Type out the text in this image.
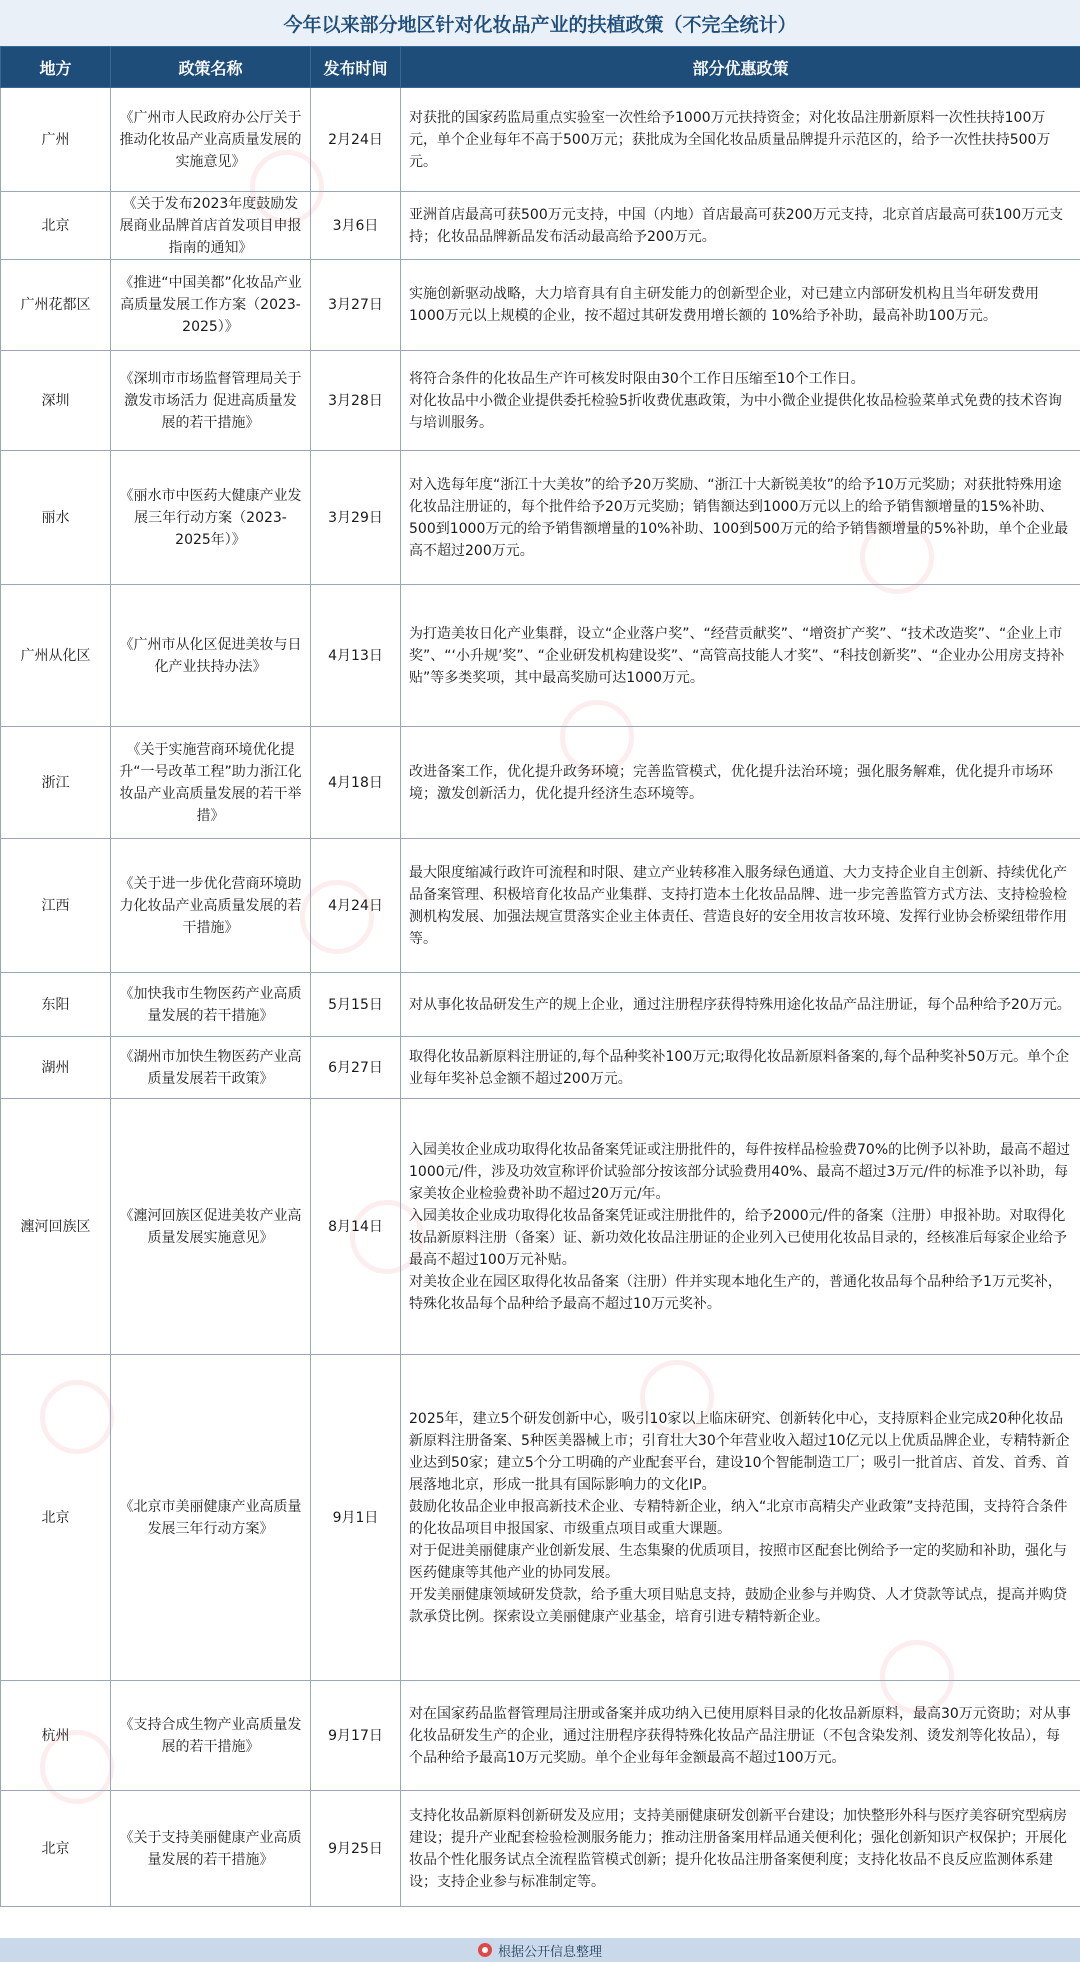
今年以来部分地区针对化妆品产业的扶植政策（不完全统计）
地方	政策名称	发布时间	部分优惠政策
广州	《广州市人民政府办公厅关于推动化妆品产业高质量发展的实施意见》	2月24日	对获批的国家药监局重点实验室一次性给予1000万元扶持资金；对化妆品注册新原料一次性扶持100万元，单个企业每年不高于500万元；获批成为全国化妆品质量品牌提升示范区的，给予一次性扶持500万元。

北京	《关于发布2023年度鼓励发展商业品牌首店首发项目申报指南的通知》	3月6日	亚洲首店最高可获500万元支持，中国（内地）首店最高可获200万元支持，北京首店最高可获100万元支持；化妆品品牌新品发布活动最高给予200万元。

广州花都区	《推进“中国美都”化妆品产业高质量发展工作方案（2023-2025）》	3月27日	实施创新驱动战略，大力培育具有自主研发能力的创新型企业，对已建立内部研发机构且当年研发费用1000万元以上规模的企业，按不超过其研发费用增长额的 10%给予补助，最高补助100万元。

深圳	《深圳市市场监督管理局关于激发市场活力 促进高质量发展的若干措施》	3月28日	将符合条件的化妆品生产许可核发时限由30个工作日压缩至10个工作日。
对化妆品中小微企业提供委托检验5折收费优惠政策，为中小微企业提供化妆品检验菜单式免费的技术咨询与培训服务。

丽水	《丽水市中医药大健康产业发展三年行动方案（2023-2025年）》	3月29日	对入选每年度“浙江十大美妆”的给予20万奖励、“浙江十大新锐美妆”的给予10万元奖励；对获批特殊用途化妆品注册证的，每个批件给予20万元奖励；销售额达到1000万元以上的给予销售额增量的15%补助、500到1000万元的给予销售额增量的10%补助、100到500万元的给予销售额增量的5%补助，单个企业最高不超过200万元。

广州从化区	《广州市从化区促进美妆与日化产业扶持办法》	4月13日	为打造美妆日化产业集群，设立“企业落户奖”、“经营贡献奖”、“增资扩产奖”、“技术改造奖”、“企业上市奖”、“‘小升规’奖”、“企业研发机构建设奖”、“高管高技能人才奖”、“科技创新奖”、“企业办公用房支持补贴”等多类奖项，其中最高奖励可达1000万元。

浙江	《关于实施营商环境优化提升“一号改革工程”助力浙江化妆品产业高质量发展的若干举措》	4月18日	改进备案工作，优化提升政务环境；完善监管模式，优化提升法治环境；强化服务解难，优化提升市场环境；激发创新活力，优化提升经济生态环境等。

江西	《关于进一步优化营商环境助力化妆品产业高质量发展的若干措施》	4月24日	最大限度缩减行政许可流程和时限、建立产业转移准入服务绿色通道、大力支持企业自主创新、持续优化产品备案管理、积极培育化妆品产业集群、支持打造本土化妆品品牌、进一步完善监管方式方法、支持检验检测机构发展、加强法规宣贯落实企业主体责任、营造良好的安全用妆言妆环境、发挥行业协会桥梁纽带作用等。

东阳	《加快我市生物医药产业高质量发展的若干措施》	5月15日	对从事化妆品研发生产的规上企业，通过注册程序获得特殊用途化妆品产品注册证，每个品种给予20万元。

湖州	《湖州市加快生物医药产业高质量发展若干政策》	6月27日	取得化妆品新原料注册证的,每个品种奖补100万元;取得化妆品新原料备案的,每个品种奖补50万元。单个企业每年奖补总金额不超过200万元。

瀍河回族区	《瀍河回族区促进美妆产业高质量发展实施意见》	8月14日	入园美妆企业成功取得化妆品备案凭证或注册批件的，每件按样品检验费70%的比例予以补助，最高不超过1000元/件，涉及功效宣称评价试验部分按该部分试验费用40%、最高不超过3万元/件的标准予以补助，每家美妆企业检验费补助不超过20万元/年。
入园美妆企业成功取得化妆品备案凭证或注册批件的，给予2000元/件的备案（注册）申报补助。对取得化妆品新原料注册（备案）证、新功效化妆品注册证的企业列入已使用化妆品目录的，经核准后每家企业给予最高不超过100万元补贴。
对美妆企业在园区取得化妆品备案（注册）件并实现本地化生产的，普通化妆品每个品种给予1万元奖补，特殊化妆品每个品种给予最高不超过10万元奖补。

北京	《北京市美丽健康产业高质量发展三年行动方案》	9月1日	2025年，建立5个研发创新中心，吸引10家以上临床研究、创新转化中心，支持原料企业完成20种化妆品新原料注册备案、5种医美器械上市；引育壮大30个年营业收入超过10亿元以上优质品牌企业，专精特新企业达到50家；建立5个分工明确的产业配套平台，建设10个智能制造工厂；吸引一批首店、首发、首秀、首展落地北京，形成一批具有国际影响力的文化IP。
鼓励化妆品企业申报高新技术企业、专精特新企业，纳入“北京市高精尖产业政策”支持范围，支持符合条件的化妆品项目申报国家、市级重点项目或重大课题。
对于促进美丽健康产业创新发展、生态集聚的优质项目，按照市区配套比例给予一定的奖励和补助，强化与医药健康等其他产业的协同发展。
开发美丽健康领域研发贷款，给予重大项目贴息支持，鼓励企业参与并购贷、人才贷款等试点，提高并购贷款承贷比例。探索设立美丽健康产业基金，培育引进专精特新企业。

杭州	《支持合成生物产业高质量发展的若干措施》	9月17日	对在国家药品监督管理局注册或备案并成功纳入已使用原料目录的化妆品新原料，最高30万元资助；对从事化妆品研发生产的企业，通过注册程序获得特殊化妆品产品注册证（不包含染发剂、烫发剂等化妆品），每个品种给予最高10万元奖励。单个企业每年金额最高不超过100万元。

北京	《关于支持美丽健康产业高质量发展的若干措施》	9月25日	支持化妆品新原料创新研发及应用；支持美丽健康研发创新平台建设；加快整形外科与医疗美容研究型病房建设；提升产业配套检验检测服务能力；推动注册备案用样品通关便利化；强化创新知识产权保护；开展化妆品个性化服务试点全流程监管模式创新；提升化妆品注册备案便利度；支持化妆品不良反应监测体系建设；支持企业参与标准制定等。
根据公开信息整理
